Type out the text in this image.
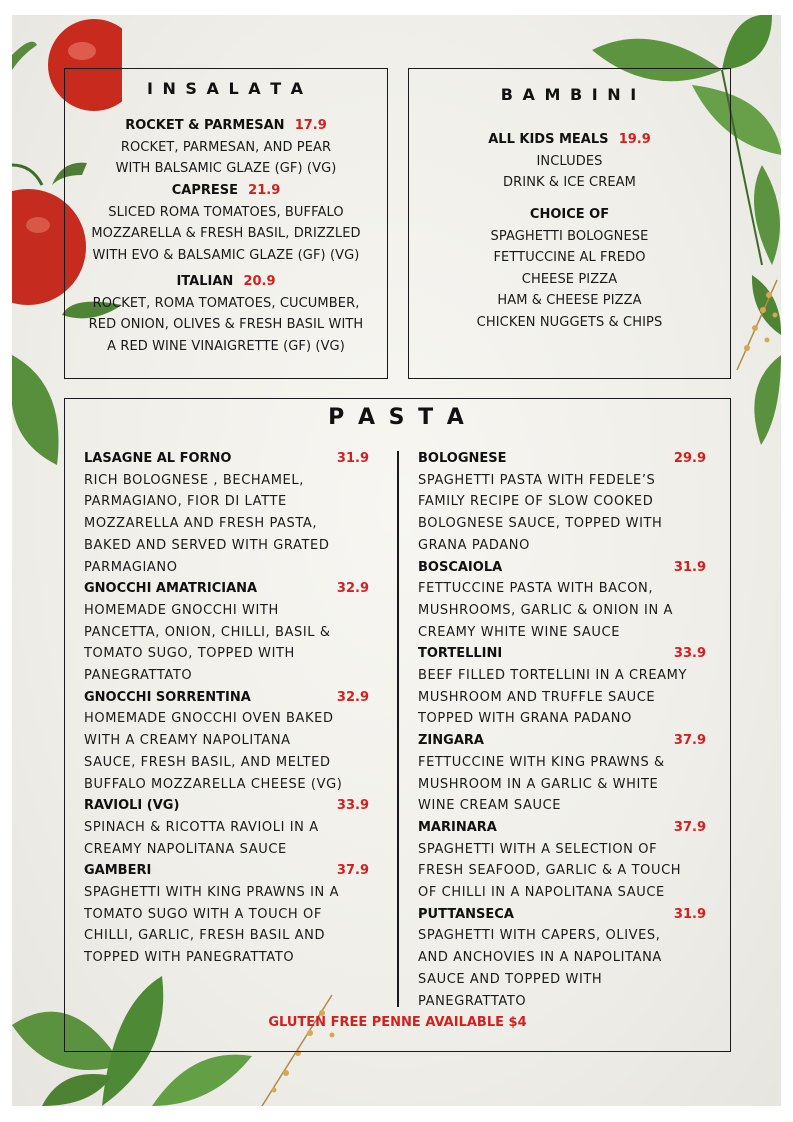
I N S A L A T A
ROCKET & PARMESAN 17.9
ROCKET, PARMESAN, AND PEAR
WITH BALSAMIC GLAZE (GF) (VG)
CAPRESE 21.9
SLICED ROMA TOMATOES, BUFFALO
MOZZARELLA & FRESH BASIL, DRIZZLED
WITH EVO & BALSAMIC GLAZE (GF) (VG)
ITALIAN 20.9
ROCKET, ROMA TOMATOES, CUCUMBER,
RED ONION, OLIVES & FRESH BASIL WITH
A RED WINE VINAIGRETTE (GF) (VG)
B A M B I N I
ALL KIDS MEALS 19.9
INCLUDES
DRINK & ICE CREAM
CHOICE OF
SPAGHETTI BOLOGNESE
FETTUCCINE AL FREDO
CHEESE PIZZA
HAM & CHEESE PIZZA
CHICKEN NUGGETS & CHIPS
P A S T A
LASAGNE AL FORNO	31.9
RICH BOLOGNESE , BECHAMEL,
PARMAGIANO, FIOR DI LATTE
MOZZARELLA AND FRESH PASTA,
BAKED AND SERVED WITH GRATED
PARMAGIANO
GNOCCHI AMATRICIANA	32.9
HOMEMADE GNOCCHI WITH
PANCETTA, ONION, CHILLI, BASIL &
TOMATO SUGO, TOPPED WITH
PANEGRATTATO
GNOCCHI SORRENTINA	32.9
HOMEMADE GNOCCHI OVEN BAKED
WITH A CREAMY NAPOLITANA
SAUCE, FRESH BASIL, AND MELTED
BUFFALO MOZZARELLA CHEESE (VG)
RAVIOLI (VG)	33.9
SPINACH & RICOTTA RAVIOLI IN A
CREAMY NAPOLITANA SAUCE
GAMBERI	37.9
SPAGHETTI WITH KING PRAWNS IN A
TOMATO SUGO WITH A TOUCH OF
CHILLI, GARLIC, FRESH BASIL AND
TOPPED WITH PANEGRATTATO
BOLOGNESE	29.9
SPAGHETTI PASTA WITH FEDELE’S
FAMILY RECIPE OF SLOW COOKED
BOLOGNESE SAUCE, TOPPED WITH
GRANA PADANO
BOSCAIOLA	31.9
FETTUCCINE PASTA WITH BACON,
MUSHROOMS, GARLIC & ONION IN A
CREAMY WHITE WINE SAUCE
TORTELLINI	33.9
BEEF FILLED TORTELLINI IN A CREAMY
MUSHROOM AND TRUFFLE SAUCE
TOPPED WITH GRANA PADANO
ZINGARA	37.9
FETTUCCINE WITH KING PRAWNS &
MUSHROOM IN A GARLIC & WHITE
WINE CREAM SAUCE
MARINARA	37.9
SPAGHETTI WITH A SELECTION OF
FRESH SEAFOOD, GARLIC & A TOUCH
OF CHILLI IN A NAPOLITANA SAUCE
PUTTANSECA	31.9
SPAGHETTI WITH CAPERS, OLIVES,
AND ANCHOVIES IN A NAPOLITANA
SAUCE AND TOPPED WITH
PANEGRATTATO
GLUTEN FREE PENNE AVAILABLE $4
